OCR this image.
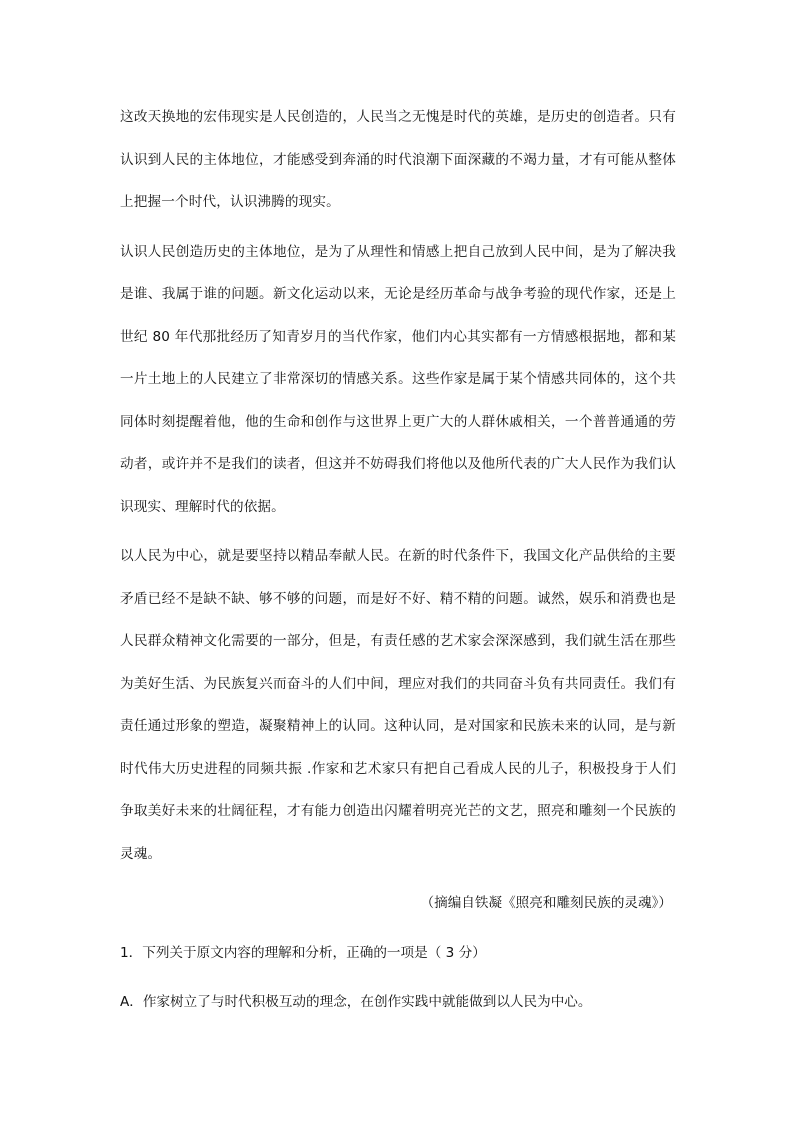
这改天换地的宏伟现实是人民创造的，人民当之无愧是时代的英雄，是历史的创造者。只有认识到人民的主体地位，才能感受到奔涌的时代浪潮下面深藏的不竭力量，才有可能从整体上把握一个时代，认识沸腾的现实。

认识人民创造历史的主体地位，是为了从理性和情感上把自己放到人民中间，是为了解决我是谁、我属于谁的问题。新文化运动以来，无论是经历革命与战争考验的现代作家，还是上世纪 80 年代那批经历了知青岁月的当代作家，他们内心其实都有一方情感根据地，都和某一片土地上的人民建立了非常深切的情感关系。这些作家是属于某个情感共同体的，这个共同体时刻提醒着他，他的生命和创作与这世界上更广大的人群休戚相关，一个普普通通的劳动者，或许并不是我们的读者，但这并不妨碍我们将他以及他所代表的广大人民作为我们认识现实、理解时代的依据。

以人民为中心，就是要坚持以精品奉献人民。在新的时代条件下，我国文化产品供给的主要矛盾已经不是缺不缺、够不够的问题，而是好不好、精不精的问题。诚然，娱乐和消费也是人民群众精神文化需要的一部分，但是，有责任感的艺术家会深深感到，我们就生活在那些为美好生活、为民族复兴而奋斗的人们中间，理应对我们的共同奋斗负有共同责任。我们有责任通过形象的塑造，凝聚精神上的认同。这种认同，是对国家和民族未来的认同，是与新时代伟大历史进程的同频共振 .作家和艺术家只有把自己看成人民的儿子，积极投身于人们争取美好未来的壮阔征程，才有能力创造出闪耀着明亮光芒的文艺，照亮和雕刻一个民族的灵魂。

（摘编自铁凝《照亮和雕刻民族的灵魂》）

1．下列关于原文内容的理解和分析，正确的一项是（ 3 分）

A．作家树立了与时代积极互动的理念，在创作实践中就能做到以人民为中心。
